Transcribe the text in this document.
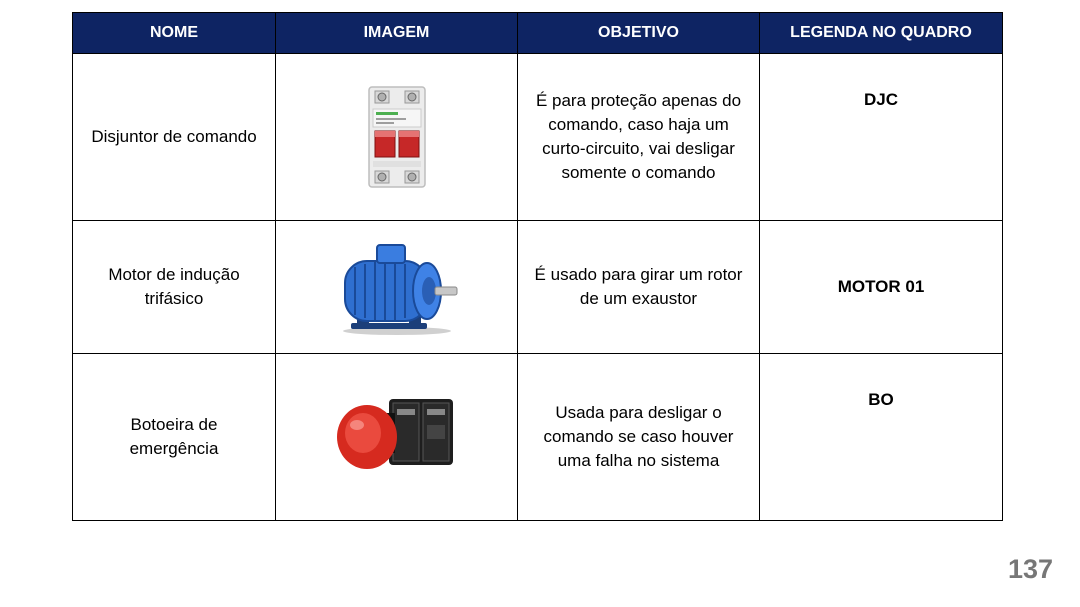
NOME	IMAGEM	OBJETIVO	LEGENDA NO QUADRO
Disjuntor de comando		É para proteção apenas do comando, caso haja um curto-circuito, vai desligar somente o comando	DJC
Motor de indução trifásico		É usado para girar um rotor de um exaustor	MOTOR 01
Botoeira de emergência		Usada para desligar o comando se caso houver uma falha no sistema	BO
137
